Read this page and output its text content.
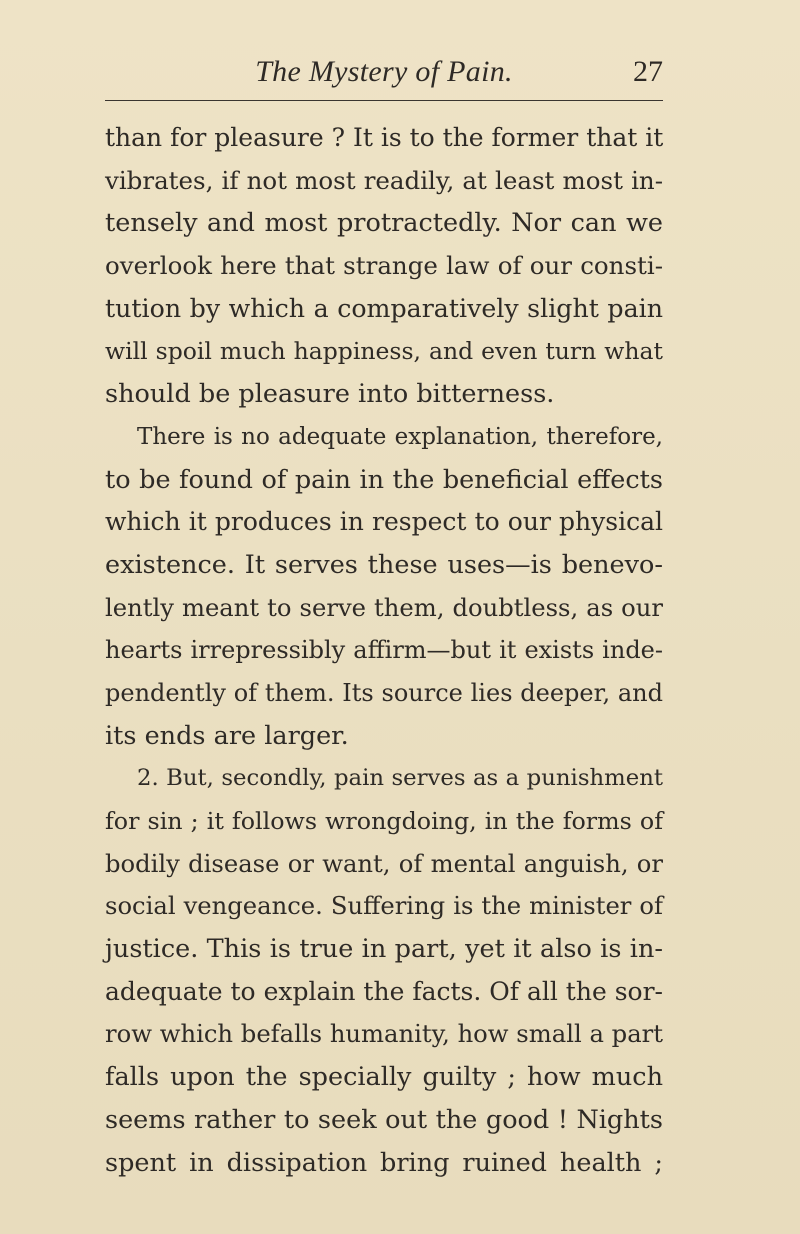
The Mystery of Pain.	27
than for pleasure ? It is to the former that it
vibrates, if not most readily, at least most in-
tensely and most protractedly. Nor can we
overlook here that strange law of our consti-
tution by which a comparatively slight pain
will spoil much happiness, and even turn what
should be pleasure into bitterness.
There is no adequate explanation, therefore,
to be found of pain in the beneficial effects
which it produces in respect to our physical
existence. It serves these uses—is benevo-
lently meant to serve them, doubtless, as our
hearts irrepressibly affirm—but it exists inde-
pendently of them. Its source lies deeper, and
its ends are larger.
2. But, secondly, pain serves as a punishment
for sin ; it follows wrongdoing, in the forms of
bodily disease or want, of mental anguish, or
social vengeance. Suffering is the minister of
justice. This is true in part, yet it also is in-
adequate to explain the facts. Of all the sor-
row which befalls humanity, how small a part
falls upon the specially guilty ; how much
seems rather to seek out the good ! Nights
spent in dissipation bring ruined health ;
